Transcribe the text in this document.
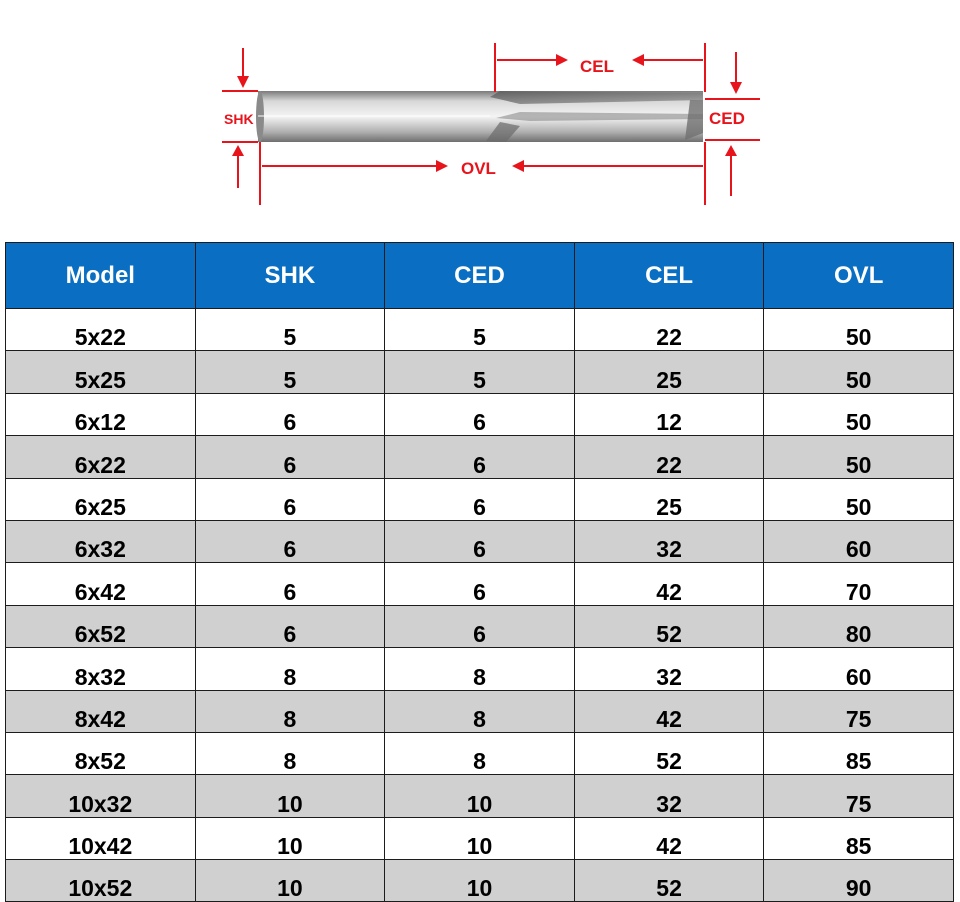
SHK	CED
CEL
OVL
Model	SHK	CED	CEL	OVL
5x22	5	5	22	50
5x25	5	5	25	50
6x12	6	6	12	50
6x22	6	6	22	50
6x25	6	6	25	50
6x32	6	6	32	60
6x42	6	6	42	70
6x52	6	6	52	80
8x32	8	8	32	60
8x42	8	8	42	75
8x52	8	8	52	85
10x32	10	10	32	75
10x42	10	10	42	85
10x52	10	10	52	90
